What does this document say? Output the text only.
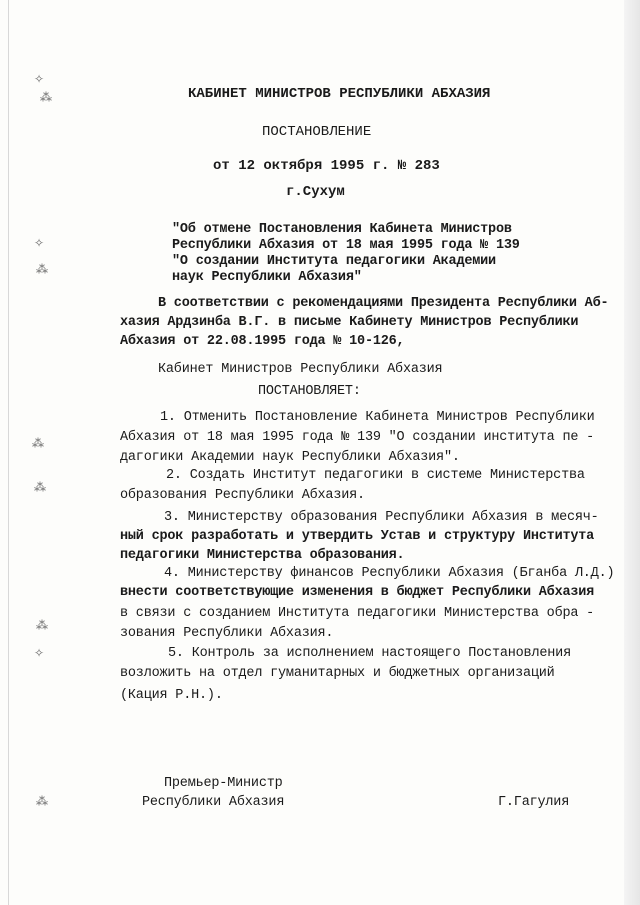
✧
⁂
✧
⁂
⁂
⁂
⁂
✧
⁂
КАБИНЕТ МИНИСТРОВ РЕСПУБЛИКИ АБХАЗИЯ
ПОСТАНОВЛЕНИЕ
от 12 октября 1995 г. № 283
г.Сухум
"Об отмене Постановления Кабинета Министров
Республики Абхазия от 18 мая 1995 года № 139
"О создании Института педагогики Академии
наук Республики Абхазия"
В соответствии с рекомендациями Президента Республики Аб-
хазия Ардзинба В.Г. в письме Кабинету Министров Республики
Абхазия от 22.08.1995 года № 10-126,
Кабинет Министров Республики Абхазия
ПОСТАНОВЛЯЕТ:
1. Отменить Постановление Кабинета Министров Республики
Абхазия от 18 мая 1995 года № 139 "О создании института пе -
дагогики Академии наук Республики Абхазия".
2. Создать Институт педагогики в системе Министерства
образования Республики Абхазия.
3. Министерству образования Республики Абхазия в месяч-
ный срок разработать и утвердить Устав и структуру Института
педагогики Министерства образования.
4. Министерству финансов Республики Абхазия (Бганба Л.Д.)
внести соответствующие изменения в бюджет Республики Абхазия
в связи с созданием Института педагогики Министерства обра -
зования Республики Абхазия.
5. Контроль за исполнением настоящего Постановления
возложить на отдел гуманитарных и бюджетных организаций
(Кация Р.Н.).
Премьер-Министр
Республики Абхазия	Г.Гагулия
